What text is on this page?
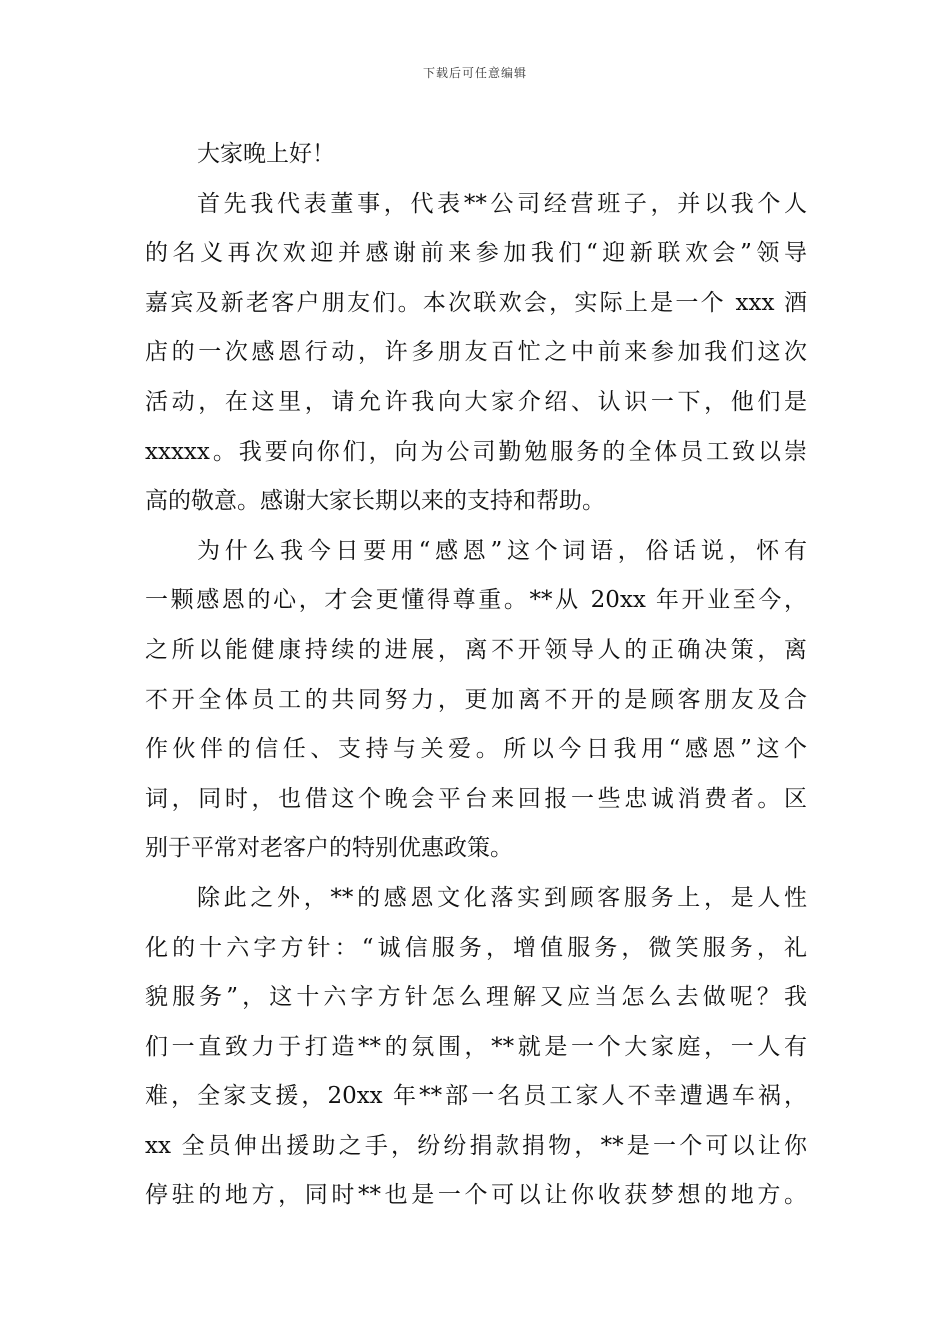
下载后可任意编辑
大家晚上好！
首先我代表董事，代表**公司经营班子，并以我个人
的名义再次欢迎并感谢前来参加我们“迎新联欢会”领导
嘉宾及新老客户朋友们。本次联欢会，实际上是一个 xxx 酒
店的一次感恩行动，许多朋友百忙之中前来参加我们这次
活动，在这里，请允许我向大家介绍、认识一下，他们是
xxxxx。我要向你们，向为公司勤勉服务的全体员工致以崇
高的敬意。感谢大家长期以来的支持和帮助。
为什么我今日要用“感恩”这个词语，俗话说，怀有
一颗感恩的心，才会更懂得尊重。**从 20xx 年开业至今，
之所以能健康持续的进展，离不开领导人的正确决策，离
不开全体员工的共同努力，更加离不开的是顾客朋友及合
作伙伴的信任、支持与关爱。所以今日我用“感恩”这个
词，同时，也借这个晚会平台来回报一些忠诚消费者。区
别于平常对老客户的特别优惠政策。
除此之外，**的感恩文化落实到顾客服务上，是人性
化的十六字方针：“诚信服务，增值服务，微笑服务，礼
貌服务”，这十六字方针怎么理解又应当怎么去做呢？我
们一直致力于打造**的氛围，**就是一个大家庭，一人有
难，全家支援，20xx 年**部一名员工家人不幸遭遇车祸，
xx 全员伸出援助之手，纷纷捐款捐物，**是一个可以让你
停驻的地方，同时**也是一个可以让你收获梦想的地方。
